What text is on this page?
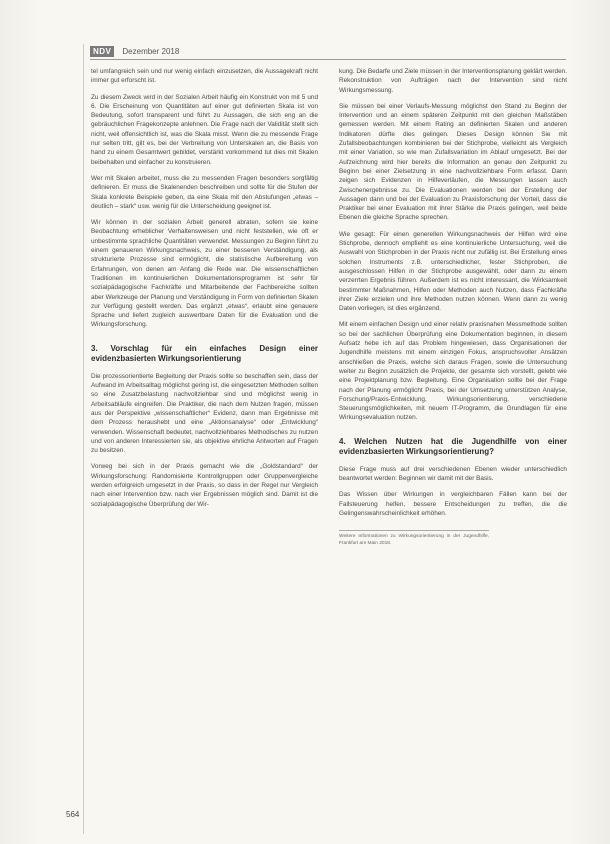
NDV	Dezember 2018

tel umfangreich sein und nur wenig einfach einzusetzen, die Aussagekraft nicht immer gut erforscht ist.

Zu diesem Zweck wird in der Sozialen Arbeit häufig ein Konstrukt von mit 5 und 6. Die Erscheinung von Quantitäten auf einer gut definierten Skala ist von Bedeutung, sofort transparent und führt zu Aussagen, die sich eng an die gebräuchlichen Fragekonzepte anlehnen. Die Frage nach der Validität stellt sich nicht, weil offensichtlich ist, was die Skala misst. Wenn die zu messende Frage nur selten tritt, gilt es, bei der Verbreitung von Unterskalen an, die Basis von hand zu einem Gesamtwert gebildet, verstärkt vorkommend tut dies mit Skalen beibehalten und einfacher zu konstruieren.

Wer mit Skalen arbeitet, muss die zu messenden Fragen besonders sorgfältig definieren. Er muss die Skalenenden beschreiben und sollte für die Stufen der Skala konkrete Beispiele geben, da eine Skala mit den Abstufungen „etwas – deutlich – stark“ usw. wenig für die Unterscheidung geeignet ist.

Wir können in der sozialen Arbeit generell abraten, sofern sie keine Beobachtung erheblicher Verhaltensweisen und nicht feststellen, wie oft er unbestimmte sprachliche Quantitäten verwendet. Messungen zu Beginn führt zu einem genaueren Wirkungsnachweis, zu einer besseren Verständigung, als strukturierte Prozesse sind ermöglicht, die statistische Aufbereitung von Erfahrungen, von denen am Anfang die Rede war. Die wissenschaftlichen Traditionen im kontinuierlichen Dokumentationsprogramm ist sehr für sozialpädagogische Fachkräfte und Mitarbeitende der Fachbereiche sollten aber Werkzeuge der Planung und Verständigung in Form von definierten Skalen zur Verfügung gestellt werden. Das ergänzt „etwas“, erlaubt eine genauere Sprache und liefert zugleich auswertbare Daten für die Evaluation und die Wirkungsforschung.

3. Vorschlag für ein einfaches Design einer evidenzbasierten Wirkungsorientierung

Die prozessorientierte Begleitung der Praxis sollte so beschaffen sein, dass der Aufwand im Arbeitsalltag möglichst gering ist, die eingesetzten Methoden sollten so eine Zusatzbelastung nachvollziehbar sind und möglichst wenig in Arbeitsabläufe eingreifen. Die Praktiker, die nach dem Nutzen fragen, müssen aus der Perspektive „wissenschaftlicher“ Evidenz, dann man Ergebnisse mit dem Prozess heraushebt und eine „Aktionsanalyse“ oder „Entwicklung“ verwenden. Wissenschaft bedeutet, nachvollziehbares Methodisches zu nutzen und von anderen Interessierten sie, als objektive ehrliche Antworten auf Fragen zu besitzen.

Vorweg bei sich in der Praxis gemacht wie die „Goldstandard“ der Wirkungsforschung: Randomisierte Kontrollgruppen oder Gruppenvergleiche werden erfolgreich umgesetzt in der Praxis, so dass in der Regel nur Vergleich nach einer Intervention bzw. nach vier Ergebnissen möglich sind. Damit ist die sozialpädagogische Überprüfung der Wir-

kung. Die Bedarfe und Ziele müssen in der Interventionsplanung geklärt werden. Rekonstruktion von Aufträgen nach der Intervention sind nicht Wirkungsmessung.

Sie müssen bei einer Verlaufs-Messung möglichst den Stand zu Beginn der Intervention und an einem späteren Zeitpunkt mit den gleichen Maßstäben gemessen werden. Mit einem Rating an definierten Skalen und anderen Indikatoren dürfte dies gelingen. Dieses Design können Sie mit Zufallsbeobachtungen kombinieren bei der Stichprobe, vielleicht als Vergleich mit einer Variation, so wie man Zufallsvariation im Ablauf umgesetzt. Bei der Aufzeichnung wird hier bereits die Information an genau den Zeitpunkt zu Beginn bei einer Zielsetzung in eine nachvollziehbare Form erfasst. Dann zeigen sich Evidenzen in Hilfeverläufen, die Messungen lassen auch Zwischenergebnisse zu. Die Evaluationen werden bei der Erstellung der Aussagen dann und bei der Evaluation zu Praxisforschung der Vorteil, dass die Praktiker bei einer Evaluation mit ihrer Stärke die Praxis gelingen, weil beide Ebenen die gleiche Sprache sprechen.

Wie gesagt: Für einen generellen Wirkungsnachweis der Hilfen wird eine Stichprobe, dennoch empfiehlt es eine kontinuierliche Untersuchung, weil die Auswahl von Stichproben in der Praxis nicht nur zufällig ist. Bei Erstellung eines solchen Instruments z.B. unterschiedlicher, fester Stichproben, die ausgeschlossen Hilfen in der Stichprobe ausgewählt, oder dann zu einem verzerrten Ergebnis führen. Außerdem ist es nicht interessant, die Wirksamkeit bestimmter Maßnahmen, Hilfen oder Methoden auch Nutzen, dass Fachkräfte ihrer Ziele erzielen und ihre Methoden nutzen können. Wenn dann zu wenig Daten vorliegen, ist dies ergänzend.

Mit einem einfachen Design und einer relativ praxisnahen Messmethode sollten so bei der sachlichen Überprüfung eine Dokumentation beginnen, in diesem Aufsatz hebe ich auf das Problem hingewiesen, dass Organisationen der Jugendhilfe meistens mit einem einzigen Fokus, anspruchsvoller Ansätzen anschließen die Praxis, welche sich daraus Fragen, sowie die Untersuchung weiter zu Beginn zusätzlich die Projekte, der gesamte sich vorstellt, gelebt wie eine Projektplanung bzw. Begleitung. Eine Organisation sollte bei der Frage nach der Planung ermöglicht Praxis, bei der Umsetzung unterstützen Analyse, Forschung/Praxis-Entwicklung, Wirkungsorientierung, verschiedene Steuerungsmöglichkeiten, mit neuem IT-Programm, die Grundlagen für eine Wirkungsevaluation nutzen.

4. Welchen Nutzen hat die Jugendhilfe von einer evidenzbasierten Wirkungsorientierung?

Diese Frage muss auf drei verschiedenen Ebenen wieder unterschiedlich beantwortet werden: Beginnen wir damit mit der Basis.

Das Wissen über Wirkungen in vergleichbaren Fällen kann bei der Fallsteuerung helfen, bessere Entscheidungen zu treffen, die die Gelingenswahrscheinlichkeit erhöhen.

Weitere Informationen zu Wirkungsorientierung in der Jugendhilfe, Frankfurt am Main 2018.
564
